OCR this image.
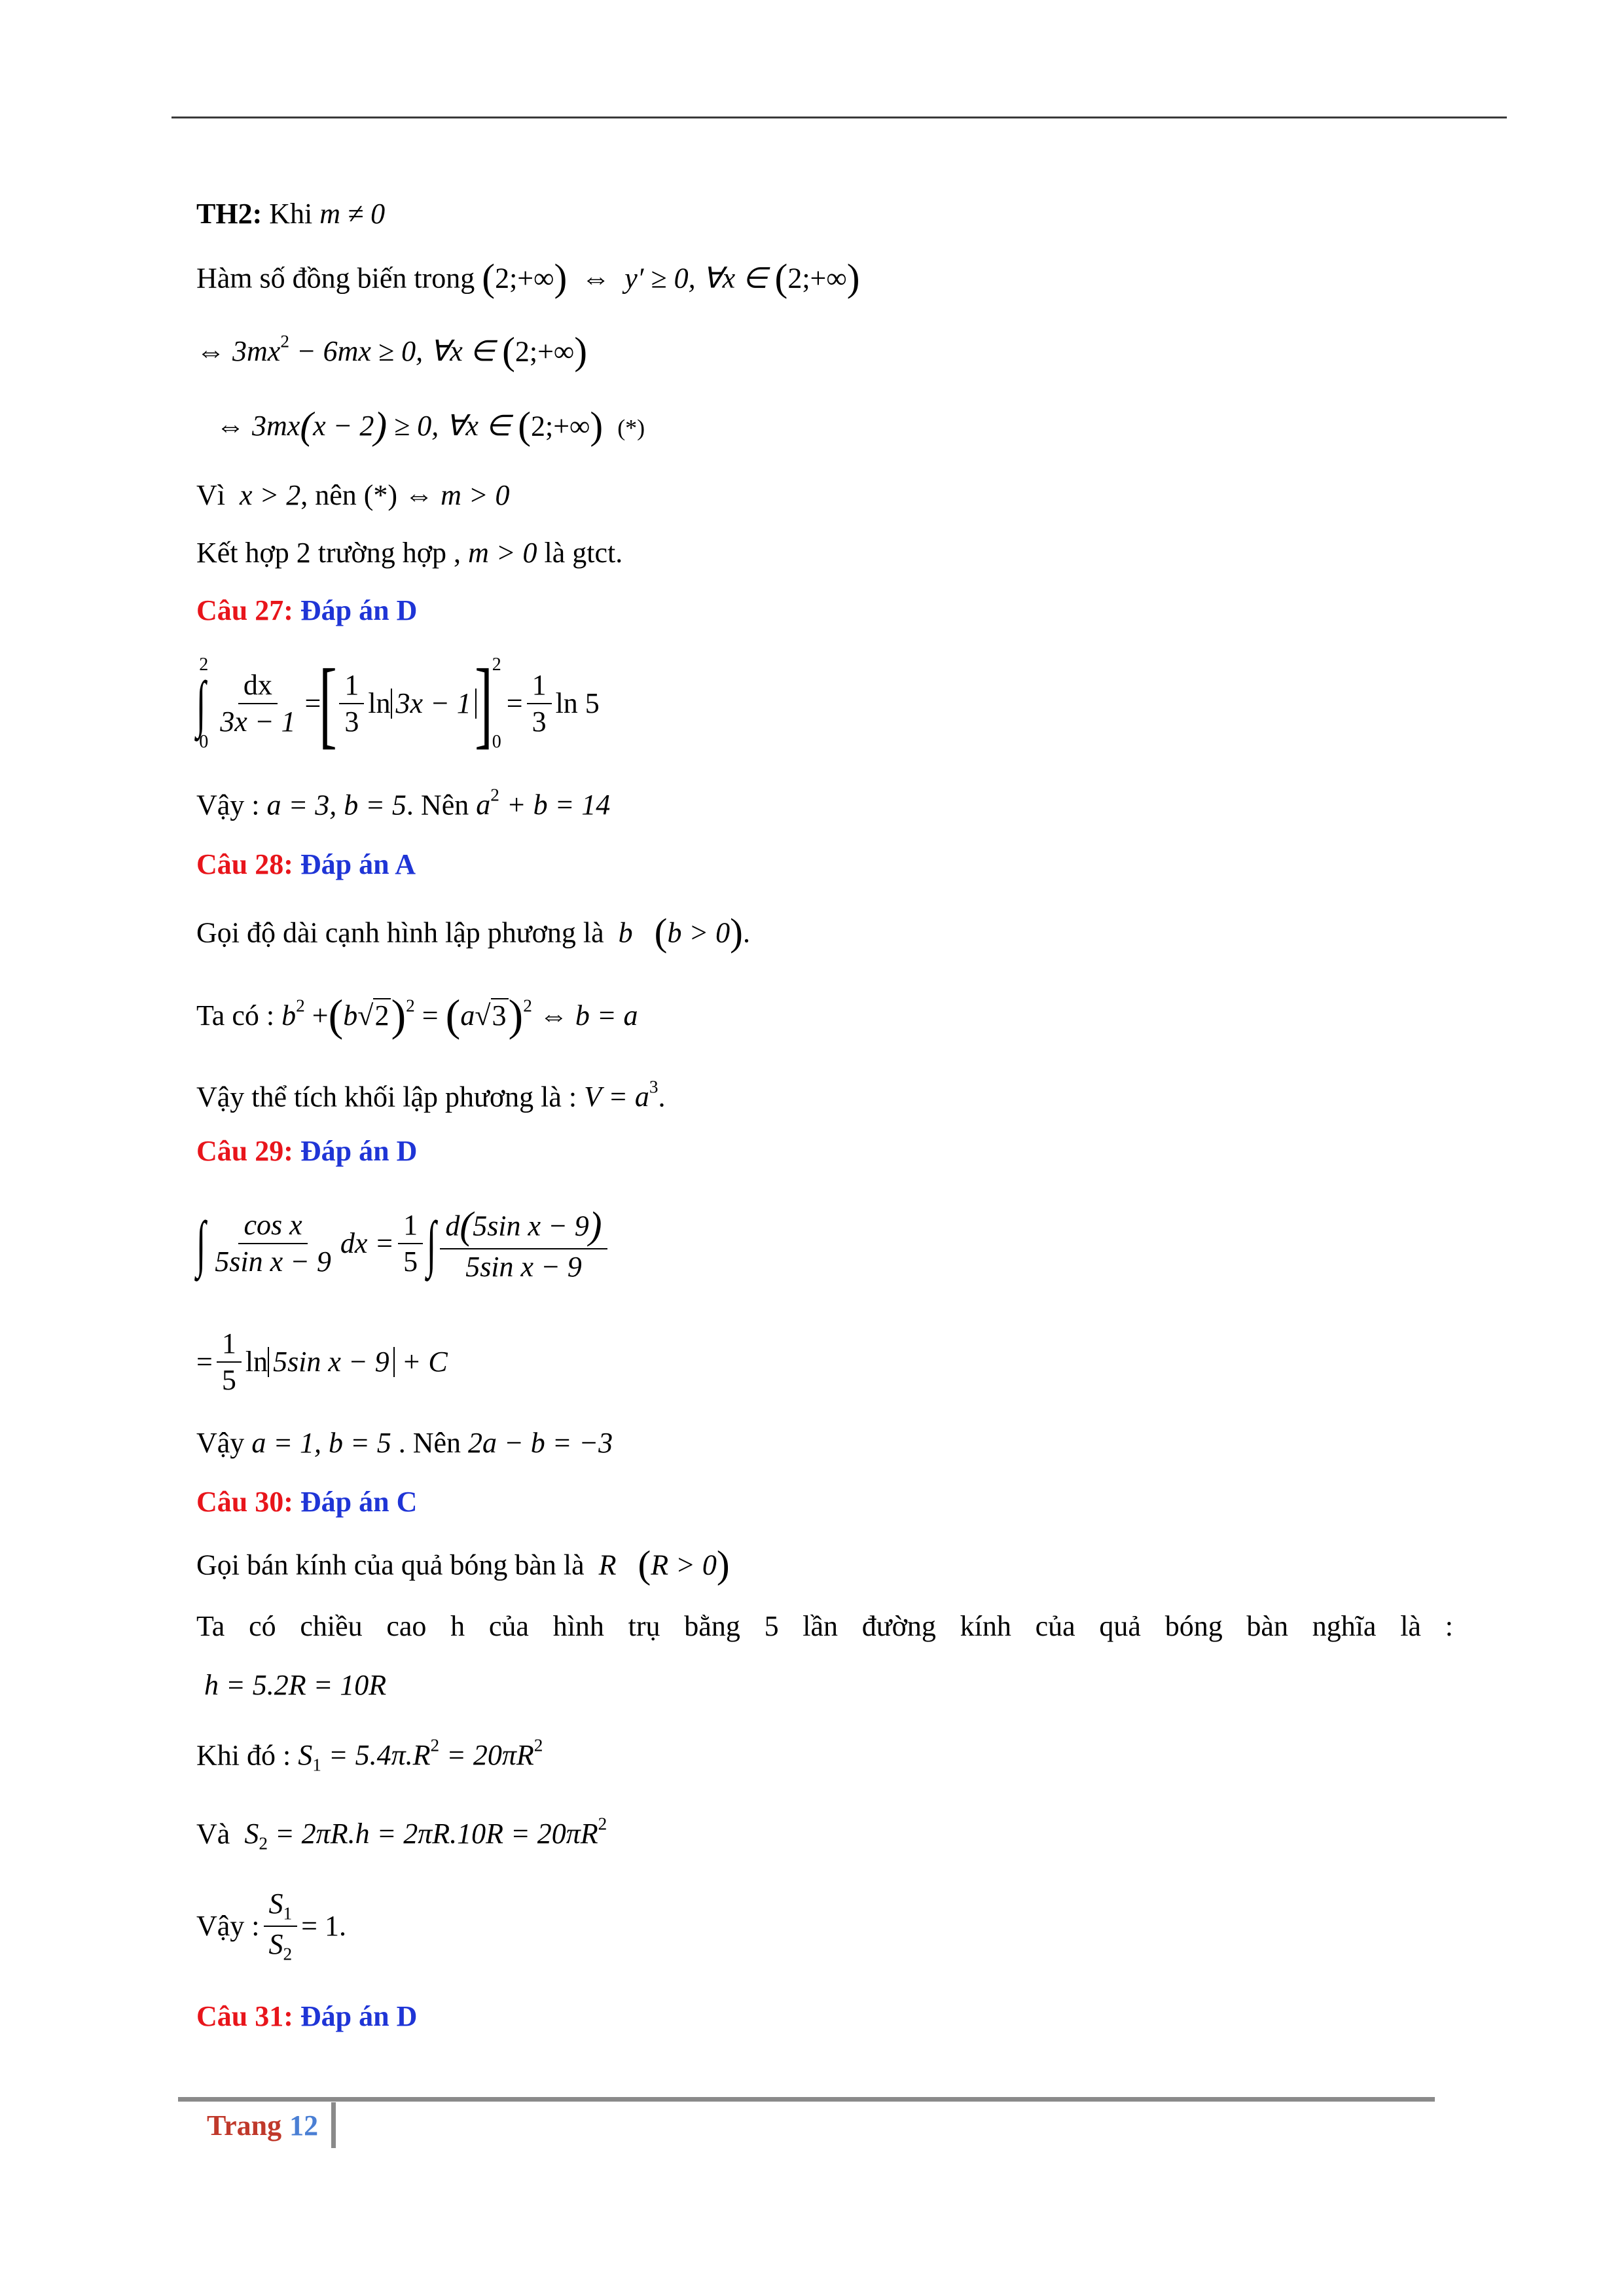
TH2: Khi m ≠ 0
Hàm số đồng biến trong (2;+∞) ⇔ y′ ≥ 0, ∀x ∈ (2;+∞)
⇔ $3mx^2 - 6mx \ge 0$, ∀x ∈ (2;+∞)
⇔ 3mx(x − 2) ≥ 0, ∀x ∈ (2;+∞) (*)
Vì x > 2, nên (*) ⇔ m > 0
Kết hợp 2 trường hợp , m > 0 là gtct.
Câu 27: Đáp án D
∫
2
0
$\frac{dx}{3x - 1}$ =
[ $\frac{1}{3}$ ln 3x − 1 ] 2
0
= $\frac{1}{3}$ ln 5
Vậy : a = 3, b = 5. Nên $a^2 + b = 14$
Câu 28: Đáp án A
Gọi độ dài cạnh hình lập phương là b (b > 0).
Ta có : $b^2 +(b√2)^2 = (a√3)^2$ ⇔ b = a
Vậy thể tích khối lập phương là : $V = a^3$.
Câu 29: Đáp án D
∫ $\frac{\text{cos x}}{\text{5sin x − 9}}$ dx = $\frac{1}{5}$ ∫ $\frac{\text{d(5sin x − 9)}}{\text{5sin x − 9}}$
= $\frac{1}{5}$ ln 5sin x − 9
+ C
Vậy a = 1, b = 5 . Nên 2a − b = −3
Câu 30: Đáp án C
Gọi bán kính của quả bóng bàn là R (R > 0)
Ta có chiều cao h của hình trụ bằng 5 lần đường kính của quả bóng bàn nghĩa là :
h = 5.2R = 10R
Khi đó : $S_1 = 5.4\pi.R^2 = 20\pi R^2$
Và $S_2 = 2\pi R.h = 2\pi R.10R = 20\pi R^2$
Vậy : $\frac{S_1}{S_2} = 1$.
Câu 31: Đáp án D
Trang 12
